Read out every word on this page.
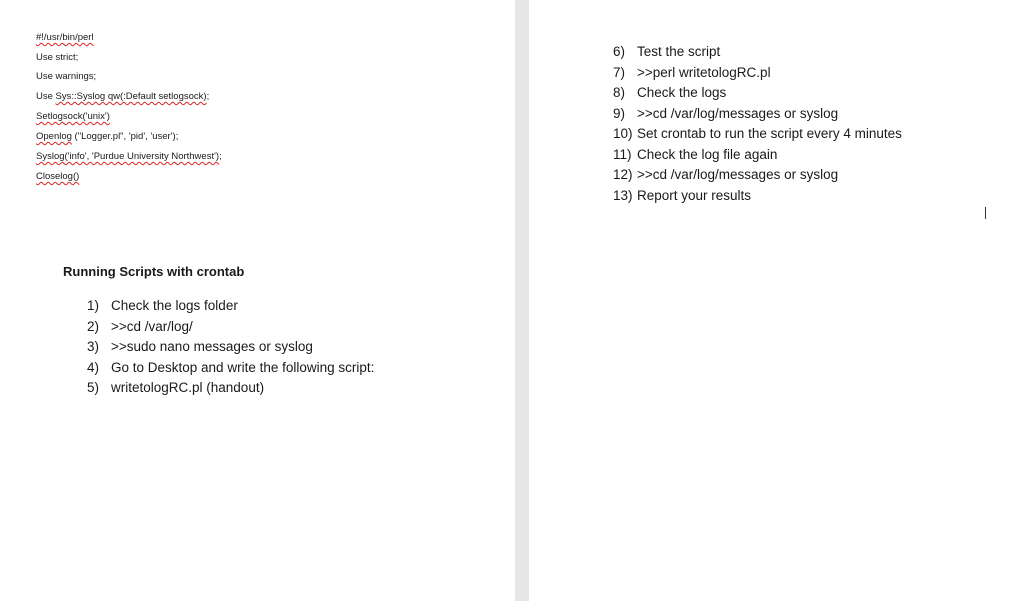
#!/usr/bin/perl
Use strict;
Use warnings;
Use Sys::Syslog qw(:Default setlogsock);
Setlogsock('unix')
Openlog ("Logger.pl", 'pid', 'user');
Syslog('info', 'Purdue University Northwest');
Closelog()
Running Scripts with crontab
1) Check the logs folder
2) >>cd /var/log/
3) >>sudo nano messages or syslog
4) Go to Desktop and write the following script:
5) writetologRC.pl (handout)
6) Test the script
7) >>perl writetologRC.pl
8) Check the logs
9) >>cd /var/log/messages or syslog
10) Set crontab to run the script every 4 minutes
11) Check the log file again
12) >>cd /var/log/messages or syslog
13) Report your results
